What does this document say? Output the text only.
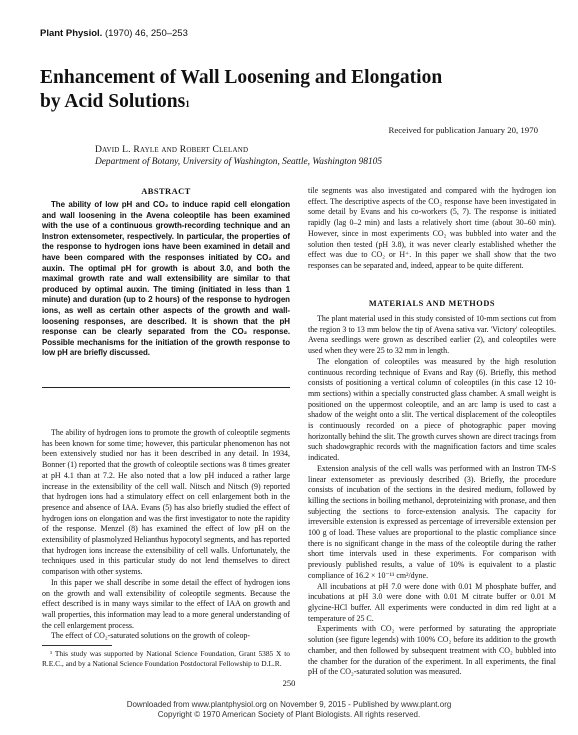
Plant Physiol. (1970) 46, 250–253
Enhancement of Wall Loosening and Elongation
by Acid Solutions$^1$
Received for publication January 20, 1970
David L. Rayle and Robert Cleland
Department of Botany, University of Washington, Seattle, Washington 98105
ABSTRACT

The ability of low pH and CO₂ to induce rapid cell elongation and wall loosening in the Avena coleoptile has been examined with the use of a continuous growth-recording technique and an Instron extensometer, respectively. In particular, the properties of the response to hydrogen ions have been examined in detail and have been compared with the responses initiated by CO₂ and auxin. The optimal pH for growth is about 3.0, and both the maximal growth rate and wall extensibility are similar to that produced by optimal auxin. The timing (initiated in less than 1 minute) and duration (up to 2 hours) of the response to hydrogen ions, as well as certain other aspects of the growth and wall-loosening responses, are described. It is shown that the pH response can be clearly separated from the CO₂ response. Possible mechanisms for the initiation of the growth response to low pH are briefly discussed.

The ability of hydrogen ions to promote the growth of coleoptile segments has been known for some time; however, this particular phenomenon has not been extensively studied nor has it been described in any detail. In 1934, Bonner (1) reported that the growth of coleoptile sections was 8 times greater at pH 4.1 than at 7.2. He also noted that a low pH induced a rather large increase in the extensibility of the cell wall. Nitsch and Nitsch (9) reported that hydrogen ions had a stimulatory effect on cell enlargement both in the presence and absence of IAA. Evans (5) has also briefly studied the effect of hydrogen ions on elongation and was the first investigator to note the rapidity of the response. Menzel (8) has examined the effect of low pH on the extensibility of plasmolyzed Helianthus hypocotyl segments, and has reported that hydrogen ions increase the extensibility of cell walls. Unfortunately, the techniques used in this particular study do not lend themselves to direct comparison with other systems.

In this paper we shall describe in some detail the effect of hydrogen ions on the growth and wall extensibility of coleoptile segments. Because the effect described is in many ways similar to the effect of IAA on growth and wall properties, this information may lead to a more general understanding of the cell enlargement process.

The effect of CO₂-saturated solutions on the growth of coleop-

¹ This study was supported by National Science Foundation, Grant 5385 X to R.E.C., and by a National Science Foundation Postdoctoral Fellowship to D.L.R.

tile segments was also investigated and compared with the hydrogen ion effect. The descriptive aspects of the CO₂ response have been investigated in some detail by Evans and his co-workers (5, 7). The response is initiated rapidly (lag 0–2 min) and lasts a relatively short time (about 30–60 min). However, since in most experiments CO₂ was bubbled into water and the solution then tested (pH 3.8), it was never clearly established whether the effect was due to CO₂ or H⁺. In this paper we shall show that the two responses can be separated and, indeed, appear to be quite different.

MATERIALS AND METHODS

The plant material used in this study consisted of 10-mm sections cut from the region 3 to 13 mm below the tip of Avena sativa var. 'Victory' coleoptiles. Avena seedlings were grown as described earlier (2), and coleoptiles were used when they were 25 to 32 mm in length.

The elongation of coleoptiles was measured by the high resolution continuous recording technique of Evans and Ray (6). Briefly, this method consists of positioning a vertical column of coleoptiles (in this case 12 10-mm sections) within a specially constructed glass chamber. A small weight is positioned on the uppermost coleoptile, and an arc lamp is used to cast a shadow of the weight onto a slit. The vertical displacement of the coleoptiles is continuously recorded on a piece of photographic paper moving horizontally behind the slit. The growth curves shown are direct tracings from such shadowgraphic records with the magnification factors and time scales indicated.

Extension analysis of the cell walls was performed with an Instron TM-S linear extensometer as previously described (3). Briefly, the procedure consists of incubation of the sections in the desired medium, followed by killing the sections in boiling methanol, deproteinizing with pronase, and then subjecting the sections to force-extension analysis. The capacity for irreversible extension is expressed as percentage of irreversible extension per 100 g of load. These values are proportional to the plastic compliance since there is no significant change in the mass of the coleoptile during the rather short time intervals used in these experiments. For comparison with previously published results, a value of 10% is equivalent to a plastic compliance of 16.2 × 10⁻¹¹ cm²/dyne.

All incubations at pH 7.0 were done with 0.01 M phosphate buffer, and incubations at pH 3.0 were done with 0.01 M citrate buffer or 0.01 M glycine-HCl buffer. All experiments were conducted in dim red light at a temperature of 25 C.

Experiments with CO₂ were performed by saturating the appropriate solution (see figure legends) with 100% CO₂ before its addition to the growth chamber, and then followed by subsequent treatment with CO₂ bubbled into the chamber for the duration of the experiment. In all experiments, the final pH of the CO₂-saturated solution was measured.

250
Downloaded from www.plantphysiol.org on November 9, 2015 - Published by www.plant.org
Copyright © 1970 American Society of Plant Biologists. All rights reserved.
